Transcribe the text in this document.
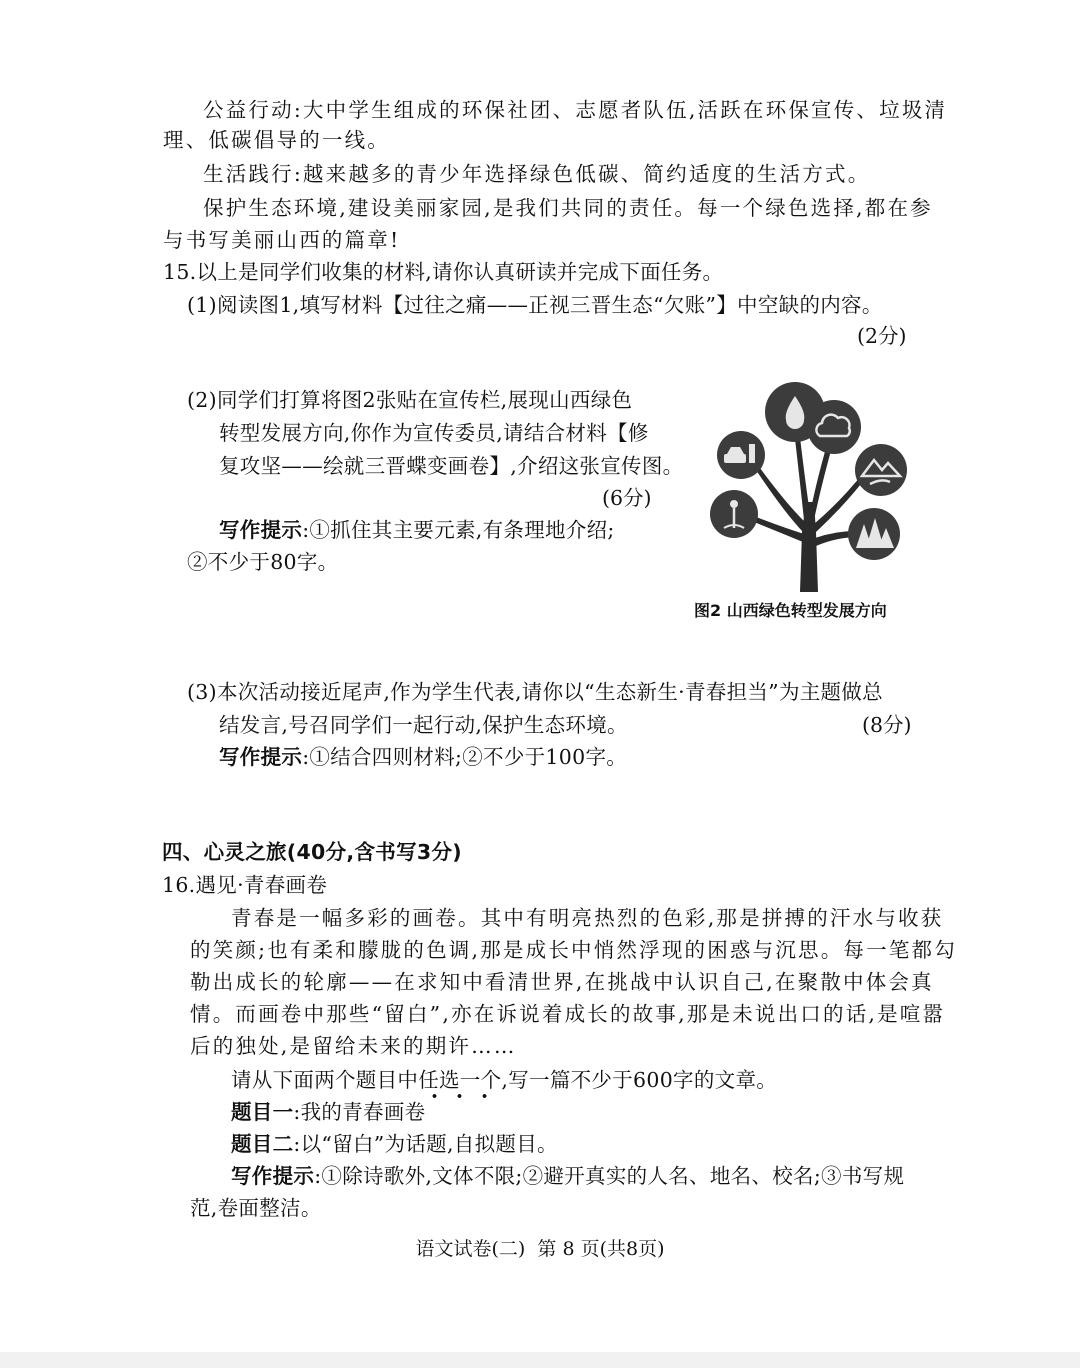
公益行动:大中学生组成的环保社团、志愿者队伍,活跃在环保宣传、垃圾清
理、低碳倡导的一线。
生活践行:越来越多的青少年选择绿色低碳、简约适度的生活方式。
保护生态环境,建设美丽家园,是我们共同的责任。每一个绿色选择,都在参
与书写美丽山西的篇章!
15.以上是同学们收集的材料,请你认真研读并完成下面任务。
(1)阅读图1,填写材料【过往之痛——正视三晋生态“欠账”】中空缺的内容。
(2分)
(2)同学们打算将图2张贴在宣传栏,展现山西绿色
转型发展方向,你作为宣传委员,请结合材料【修
复攻坚——绘就三晋蝶变画卷】,介绍这张宣传图。
(6分)
写作提示:①抓住其主要元素,有条理地介绍;
②不少于80字。
图2 山西绿色转型发展方向
(3)本次活动接近尾声,作为学生代表,请你以“生态新生·青春担当”为主题做总
结发言,号召同学们一起行动,保护生态环境。	(8分)
写作提示:①结合四则材料;②不少于100字。
四、心灵之旅(40分,含书写3分)
16.遇见·青春画卷
青春是一幅多彩的画卷。其中有明亮热烈的色彩,那是拼搏的汗水与收获
的笑颜;也有柔和朦胧的色调,那是成长中悄然浮现的困惑与沉思。每一笔都勾
勒出成长的轮廓——在求知中看清世界,在挑战中认识自己,在聚散中体会真
情。而画卷中那些“留白”,亦在诉说着成长的故事,那是未说出口的话,是喧嚣
后的独处,是留给未来的期许……
请从下面两个题目中任选一个,写一篇不少于600字的文章。
题目一:我的青春画卷
题目二:以“留白”为话题,自拟题目。
写作提示:①除诗歌外,文体不限;②避开真实的人名、地名、校名;③书写规
范,卷面整洁。
语文试卷(二)  第 8 页(共8页)
